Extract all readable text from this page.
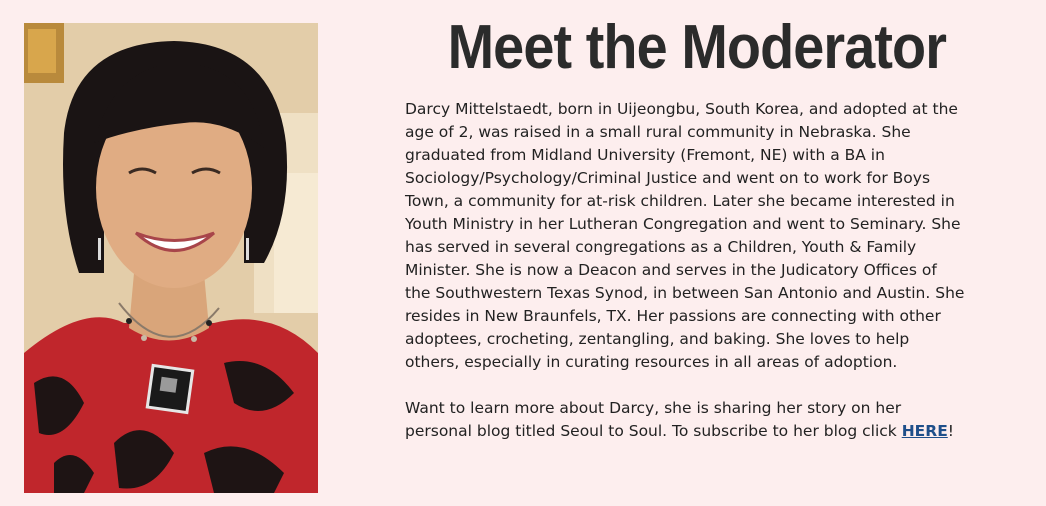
Meet the Moderator

Darcy Mittelstaedt, born in Uijeongbu, South Korea, and adopted at the
age of 2, was raised in a small rural community in Nebraska. She
graduated from Midland University (Fremont, NE) with a BA in
Sociology/Psychology/Criminal Justice and went on to work for Boys
Town, a community for at-risk children. Later she became interested in
Youth Ministry in her Lutheran Congregation and went to Seminary. She
has served in several congregations as a Children, Youth & Family
Minister. She is now a Deacon and serves in the Judicatory Offices of
the Southwestern Texas Synod, in between San Antonio and Austin. She
resides in New Braunfels, TX. Her passions are connecting with other
adoptees, crocheting, zentangling, and baking. She loves to help
others, especially in curating resources in all areas of adoption.

Want to learn more about Darcy, she is sharing her story on her
personal blog titled Seoul to Soul. To subscribe to her blog click HERE!
